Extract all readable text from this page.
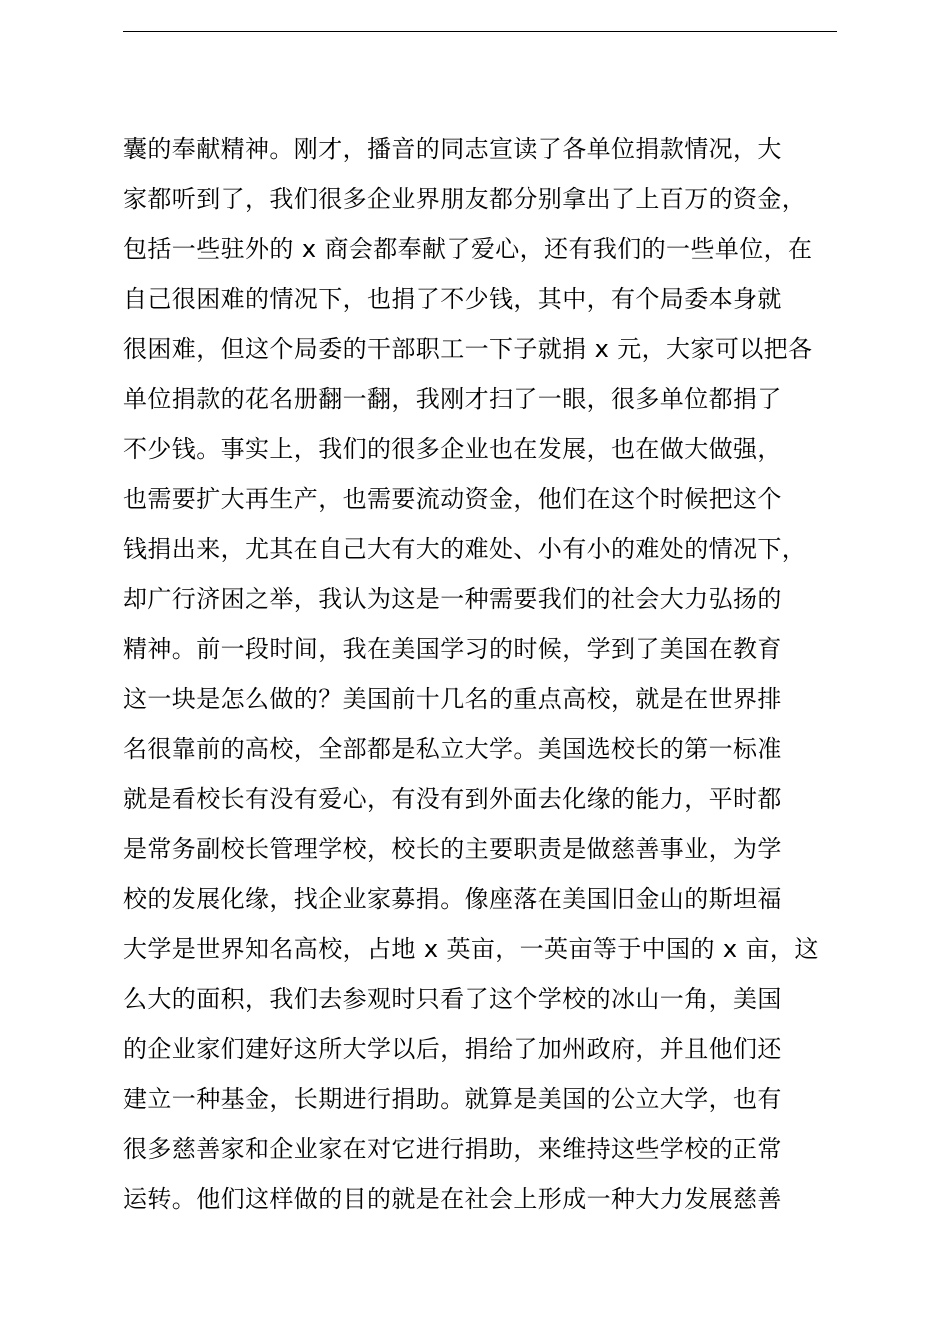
囊的奉献精神。刚才，播音的同志宣读了各单位捐款情况，大
家都听到了，我们很多企业界朋友都分别拿出了上百万的资金，
包括一些驻外的 x 商会都奉献了爱心，还有我们的一些单位，在
自己很困难的情况下，也捐了不少钱，其中，有个局委本身就
很困难，但这个局委的干部职工一下子就捐 x 元，大家可以把各
单位捐款的花名册翻一翻，我刚才扫了一眼，很多单位都捐了
不少钱。事实上，我们的很多企业也在发展，也在做大做强，
也需要扩大再生产，也需要流动资金，他们在这个时候把这个
钱捐出来，尤其在自己大有大的难处、小有小的难处的情况下，
却广行济困之举，我认为这是一种需要我们的社会大力弘扬的
精神。前一段时间，我在美国学习的时候，学到了美国在教育
这一块是怎么做的？美国前十几名的重点高校，就是在世界排
名很靠前的高校，全部都是私立大学。美国选校长的第一标准
就是看校长有没有爱心，有没有到外面去化缘的能力，平时都
是常务副校长管理学校，校长的主要职责是做慈善事业，为学
校的发展化缘，找企业家募捐。像座落在美国旧金山的斯坦福
大学是世界知名高校，占地 x 英亩，一英亩等于中国的 x 亩，这
么大的面积，我们去参观时只看了这个学校的冰山一角，美国
的企业家们建好这所大学以后，捐给了加州政府，并且他们还
建立一种基金，长期进行捐助。就算是美国的公立大学，也有
很多慈善家和企业家在对它进行捐助，来维持这些学校的正常
运转。他们这样做的目的就是在社会上形成一种大力发展慈善
